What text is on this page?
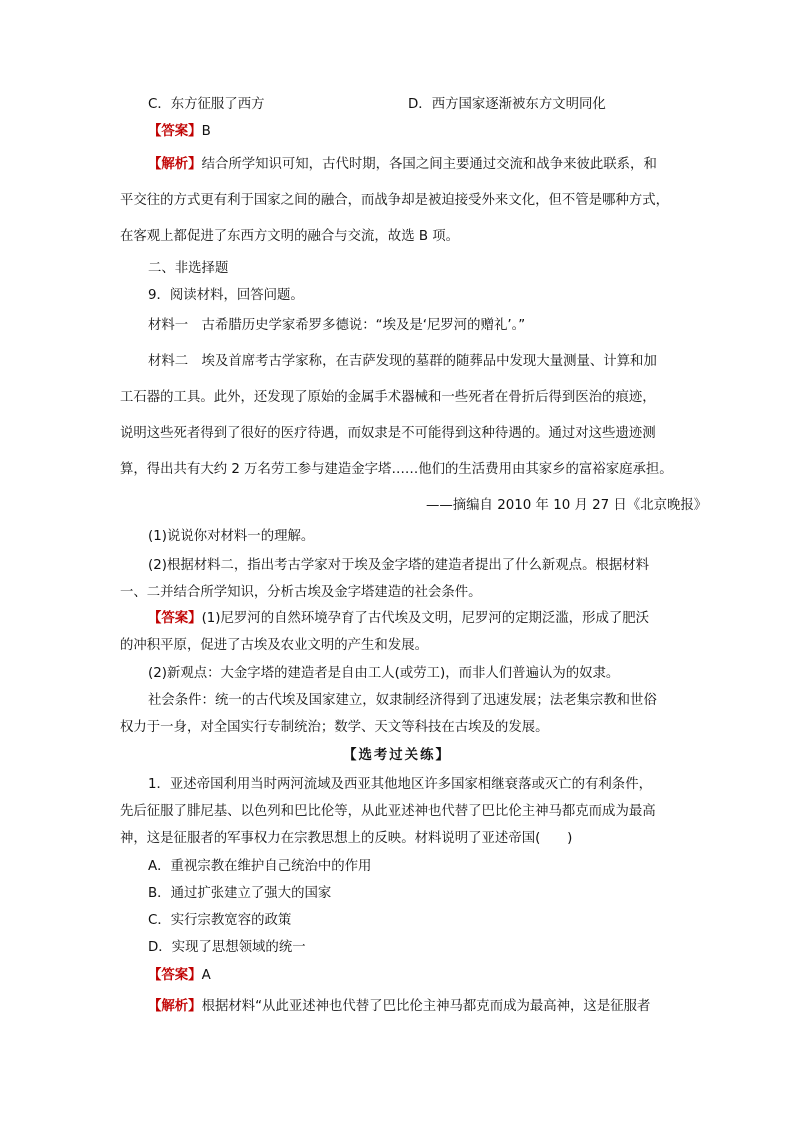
C．东方征服了西方	D．西方国家逐渐被东方文明同化
【答案】B
【解析】结合所学知识可知，古代时期，各国之间主要通过交流和战争来彼此联系，和
平交往的方式更有利于国家之间的融合，而战争却是被迫接受外来文化，但不管是哪种方式，
在客观上都促进了东西方文明的融合与交流，故选 B 项。
二、非选择题
9．阅读材料，回答问题。
材料一　古希腊历史学家希罗多德说：“埃及是‘尼罗河的赠礼’。”
材料二　埃及首席考古学家称，在吉萨发现的墓群的随葬品中发现大量测量、计算和加
工石器的工具。此外，还发现了原始的金属手术器械和一些死者在骨折后得到医治的痕迹，
说明这些死者得到了很好的医疗待遇，而奴隶是不可能得到这种待遇的。通过对这些遗迹测
算，得出共有大约 2 万名劳工参与建造金字塔……他们的生活费用由其家乡的富裕家庭承担。
——摘编自 2010 年 10 月 27 日《北京晚报》
(1)说说你对材料一的理解。
(2)根据材料二，指出考古学家对于埃及金字塔的建造者提出了什么新观点。根据材料
一、二并结合所学知识，分析古埃及金字塔建造的社会条件。
【答案】(1)尼罗河的自然环境孕育了古代埃及文明，尼罗河的定期泛滥，形成了肥沃
的冲积平原，促进了古埃及农业文明的产生和发展。
(2)新观点：大金字塔的建造者是自由工人(或劳工)，而非人们普遍认为的奴隶。
社会条件：统一的古代埃及国家建立，奴隶制经济得到了迅速发展；法老集宗教和世俗
权力于一身，对全国实行专制统治；数学、天文等科技在古埃及的发展。
【选考过关练】
1．亚述帝国利用当时两河流域及西亚其他地区许多国家相继衰落或灭亡的有利条件，
先后征服了腓尼基、以色列和巴比伦等，从此亚述神也代替了巴比伦主神马都克而成为最高
神，这是征服者的军事权力在宗教思想上的反映。材料说明了亚述帝国(　　)
A．重视宗教在维护自己统治中的作用
B．通过扩张建立了强大的国家
C．实行宗教宽容的政策
D．实现了思想领域的统一
【答案】A
【解析】根据材料“从此亚述神也代替了巴比伦主神马都克而成为最高神，这是征服者
